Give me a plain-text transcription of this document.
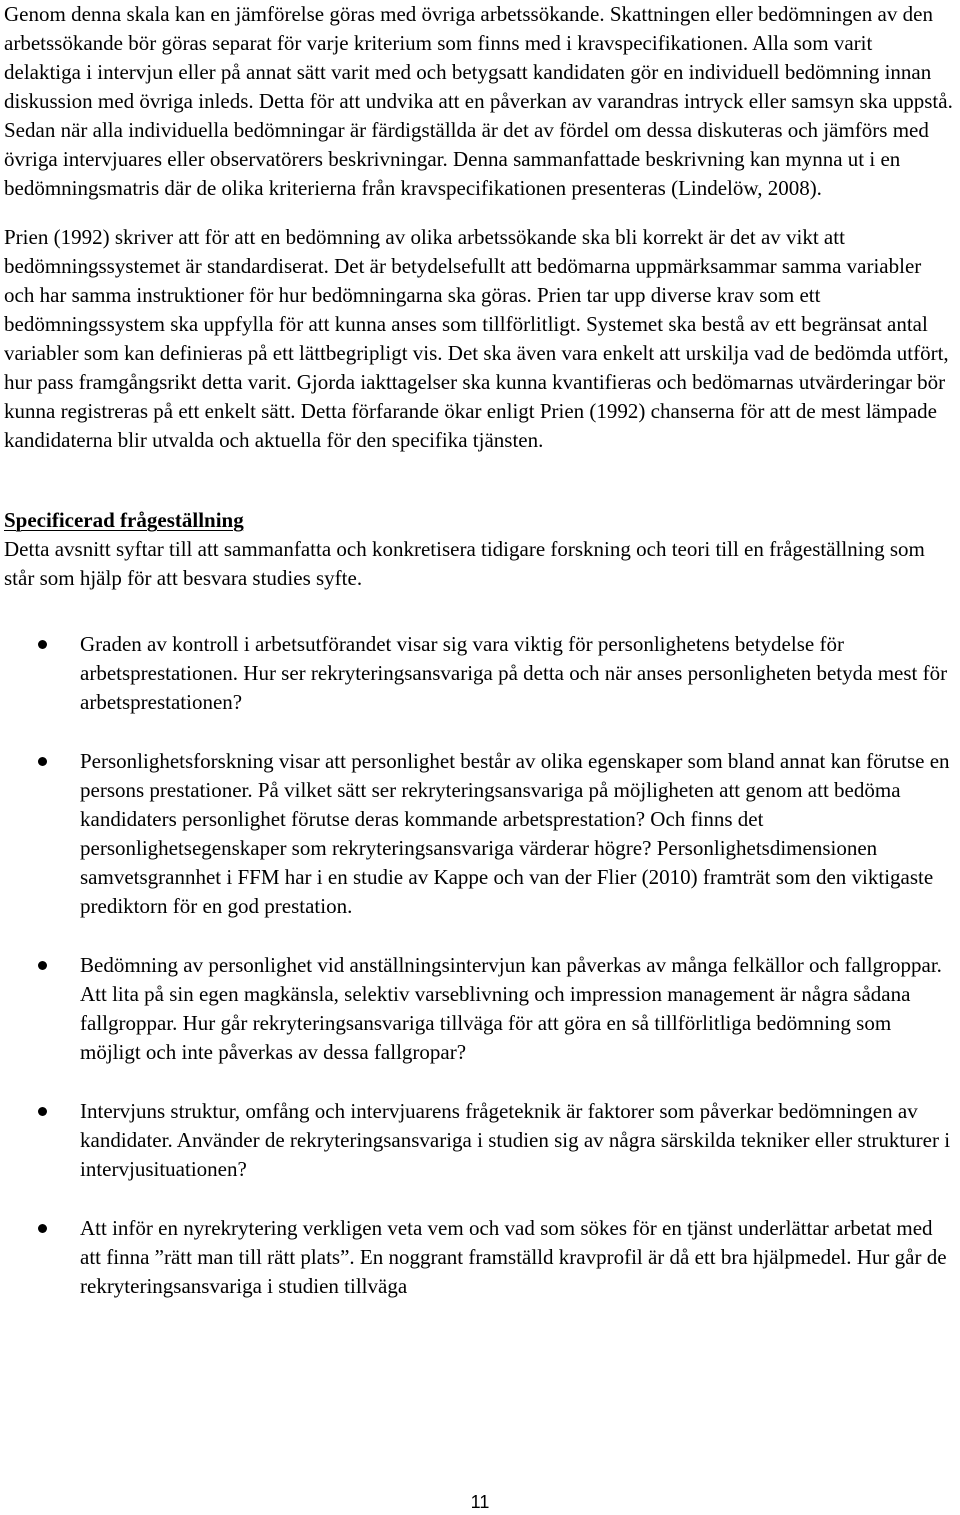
Genom denna skala kan en jämförelse göras med övriga arbetssökande. Skattningen eller bedömningen av den arbetssökande bör göras separat för varje kriterium som finns med i kravspecifikationen. Alla som varit delaktiga i intervjun eller på annat sätt varit med och betygsatt kandidaten gör en individuell bedömning innan diskussion med övriga inleds. Detta för att undvika att en påverkan av varandras intryck eller samsyn ska uppstå. Sedan när alla individuella bedömningar är färdigställda är det av fördel om dessa diskuteras och jämförs med övriga intervjuares eller observatörers beskrivningar. Denna sammanfattade beskrivning kan mynna ut i en bedömningsmatris där de olika kriterierna från kravspecifikationen presenteras (Lindelöw, 2008).

Prien (1992) skriver att för att en bedömning av olika arbetssökande ska bli korrekt är det av vikt att bedömningssystemet är standardiserat. Det är betydelsefullt att bedömarna uppmärksammar samma variabler och har samma instruktioner för hur bedömningarna ska göras. Prien tar upp diverse krav som ett bedömningssystem ska uppfylla för att kunna anses som tillförlitligt. Systemet ska bestå av ett begränsat antal variabler som kan definieras på ett lättbegripligt vis. Det ska även vara enkelt att urskilja vad de bedömda utfört, hur pass framgångsrikt detta varit. Gjorda iakttagelser ska kunna kvantifieras och bedömarnas utvärderingar bör kunna registreras på ett enkelt sätt. Detta förfarande ökar enligt Prien (1992) chanserna för att de mest lämpade kandidaterna blir utvalda och aktuella för den specifika tjänsten.

Specificerad frågeställning

Detta avsnitt syftar till att sammanfatta och konkretisera tidigare forskning och teori till en frågeställning som står som hjälp för att besvara studies syfte.

Graden av kontroll i arbetsutförandet visar sig vara viktig för personlighetens betydelse för arbetsprestationen. Hur ser rekryteringsansvariga på detta och när anses personligheten betyda mest för arbetsprestationen?
Personlighetsforskning visar att personlighet består av olika egenskaper som bland annat kan förutse en persons prestationer. På vilket sätt ser rekryteringsansvariga på möjligheten att genom att bedöma kandidaters personlighet förutse deras kommande arbetsprestation? Och finns det personlighetsegenskaper som rekryteringsansvariga värderar högre? Personlighetsdimensionen samvetsgrannhet i FFM har i en studie av Kappe och van der Flier (2010) framträt som den viktigaste prediktorn för en god prestation.
Bedömning av personlighet vid anställningsintervjun kan påverkas av många felkällor och fallgroppar. Att lita på sin egen magkänsla, selektiv varseblivning och impression management är några sådana fallgroppar. Hur går rekryteringsansvariga tillväga för att göra en så tillförlitliga bedömning som möjligt och inte påverkas av dessa fallgropar?
Intervjuns struktur, omfång och intervjuarens frågeteknik är faktorer som påverkar bedömningen av kandidater. Använder de rekryteringsansvariga i studien sig av några särskilda tekniker eller strukturer i intervjusituationen?
Att inför en nyrekrytering verkligen veta vem och vad som sökes för en tjänst underlättar arbetat med att finna ”rätt man till rätt plats”. En noggrant framställd kravprofil är då ett bra hjälpmedel. Hur går de rekryteringsansvariga i studien tillväga
11
